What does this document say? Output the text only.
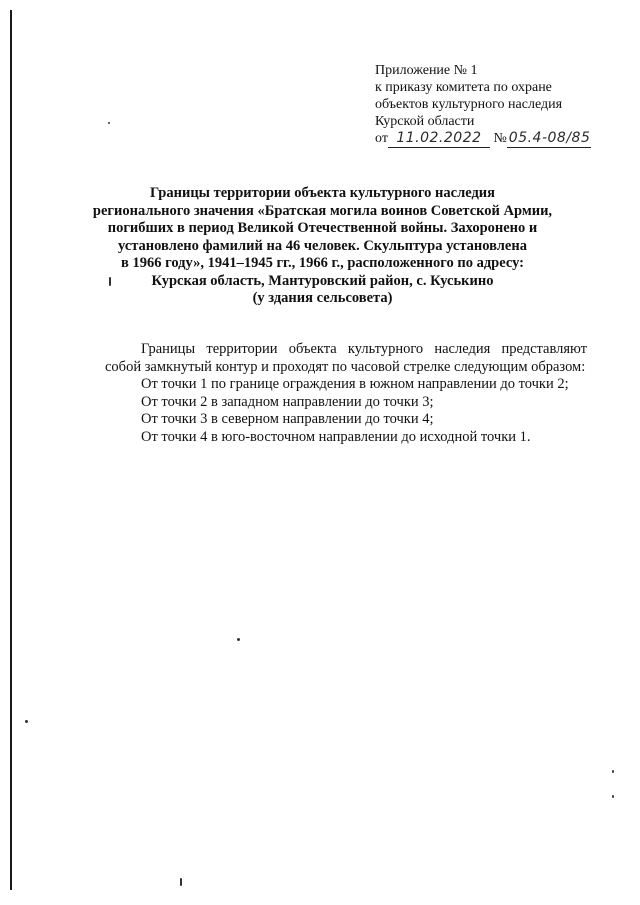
Приложение № 1
к приказу комитета по охране
объектов культурного наследия
Курской области
от 11.02.2022 № 05.4-08/85
Границы территории объекта культурного наследия
регионального значения «Братская могила воинов Советской Армии,
погибших в период Великой Отечественной войны. Захоронено и
установлено фамилий на 46 человек. Скульптура установлена
в 1966 году», 1941–1945 гг., 1966 г., расположенного по адресу:
Курская область, Мантуровский район, с. Куськино
(у здания сельсовета)
Границы территории объекта культурного наследия представляют собой замкнутый контур и проходят по часовой стрелке следующим образом:
От точки 1 по границе ограждения в южном направлении до точки 2;
От точки 2 в западном направлении до точки 3;
От точки 3 в северном направлении до точки 4;
От точки 4 в юго-восточном направлении до исходной точки 1.
